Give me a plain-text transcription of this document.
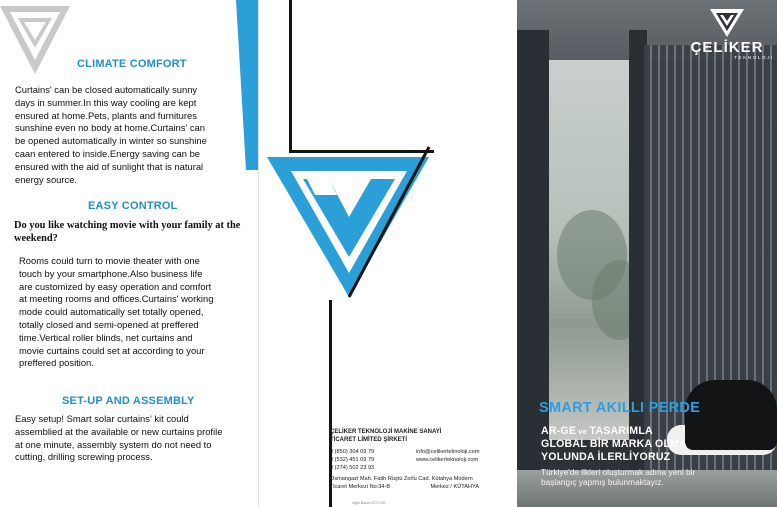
CLIMATE COMFORT
Curtains' can be closed automatically sunny
days in summer.In this way cooling are kept
ensured at home.Pets, plants and furnitures
sunshine even no body at home.Curtains' can
be opened automatically in winter so sunshine
caan entered to inside.Energy saving can be
ensured with the aid of sunlight that is natural
energy source.
EASY CONTROL
Do you like watching movie with your family at the
weekend?
Rooms could turn to movie theater with one
touch by your smartphone.Also business life
are customized by easy operation and comfort
at meeting rooms and offices.Curtains' working
mode could automatically set totally opened,
totally closed and semi-opened at preffered
time.Vertical roller blinds, net curtains and
movie curtains could set at according to your
preffered position.
SET-UP AND ASSEMBLY
Easy setup! Smart solar curtains' kit could
assemblied at the available or new curtains profile
at one minute, assembly system do not need to
cutting, drilling screwing process.
ÇELİKER TEKNOLOJİ MAKİNE SANAYİ
TİCARET LİMİTED ŞİRKETİ
0 (850) 304 09 79	info@celikerteknoloji.com
0 (532) 451 09 79	www.celikerteknoloji.com
0 (274) 502 23 93
Osmangazi Mah. Fatih Rüştü Zorlu Cad. Kütahya Modern
Ticaret Merkezi No:34-B                          Merkez / KÜTAHYA
İçiğin Basım 0274 000
ÇELİKER
TEKNOLOJİ
SMART AKILLI PERDE
AR-GE ve TASARIMLA
GLOBAL BİR MARKA OLMA
YOLUNDA İLERLİYORUZ
Türkiye'de ilkleri oluşturmak adına yeni bir
başlangıç yapmış bulunmaktayız.
